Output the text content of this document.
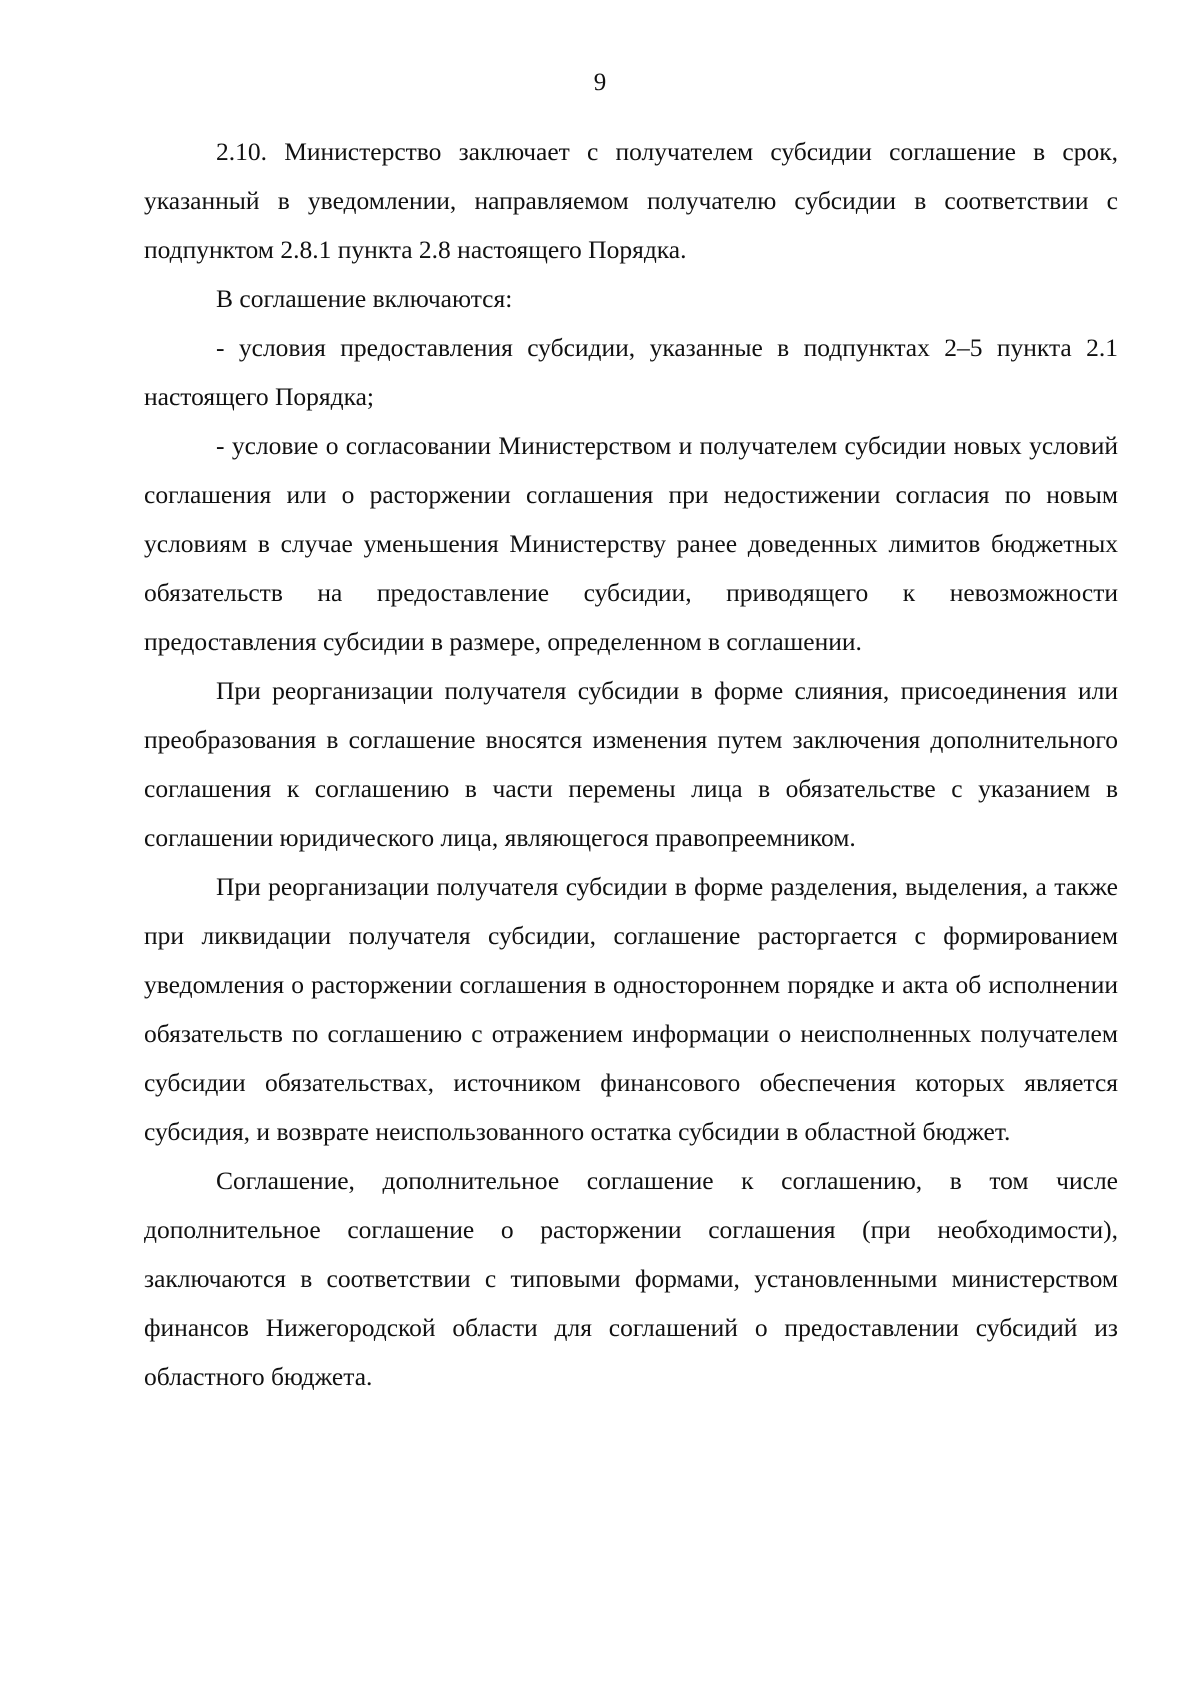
9

2.10. Министерство заключает с получателем субсидии соглашение в срок, указанный в уведомлении, направляемом получателю субсидии в соответствии с подпунктом 2.8.1 пункта 2.8 настоящего Порядка.

В соглашение включаются:

- условия предоставления субсидии, указанные в подпунктах 2–5 пункта 2.1 настоящего Порядка;

- условие о согласовании Министерством и получателем субсидии новых условий соглашения или о расторжении соглашения при недостижении согласия по новым условиям в случае уменьшения Министерству ранее доведенных лимитов бюджетных обязательств на предоставление субсидии, приводящего к невозможности предоставления субсидии в размере, определенном в соглашении.

При реорганизации получателя субсидии в форме слияния, присоединения или преобразования в соглашение вносятся изменения путем заключения дополнительного соглашения к соглашению в части перемены лица в обязательстве с указанием в соглашении юридического лица, являющегося правопреемником.

При реорганизации получателя субсидии в форме разделения, выделения, а также при ликвидации получателя субсидии, соглашение расторгается с формированием уведомления о расторжении соглашения в одностороннем порядке и акта об исполнении обязательств по соглашению с отражением информации о неисполненных получателем субсидии обязательствах, источником финансового обеспечения которых является субсидия, и возврате неиспользованного остатка субсидии в областной бюджет.

Соглашение, дополнительное соглашение к соглашению, в том числе дополнительное соглашение о расторжении соглашения (при необходимости), заключаются в соответствии с типовыми формами, установленными министерством финансов Нижегородской области для соглашений о предоставлении субсидий из областного бюджета.
